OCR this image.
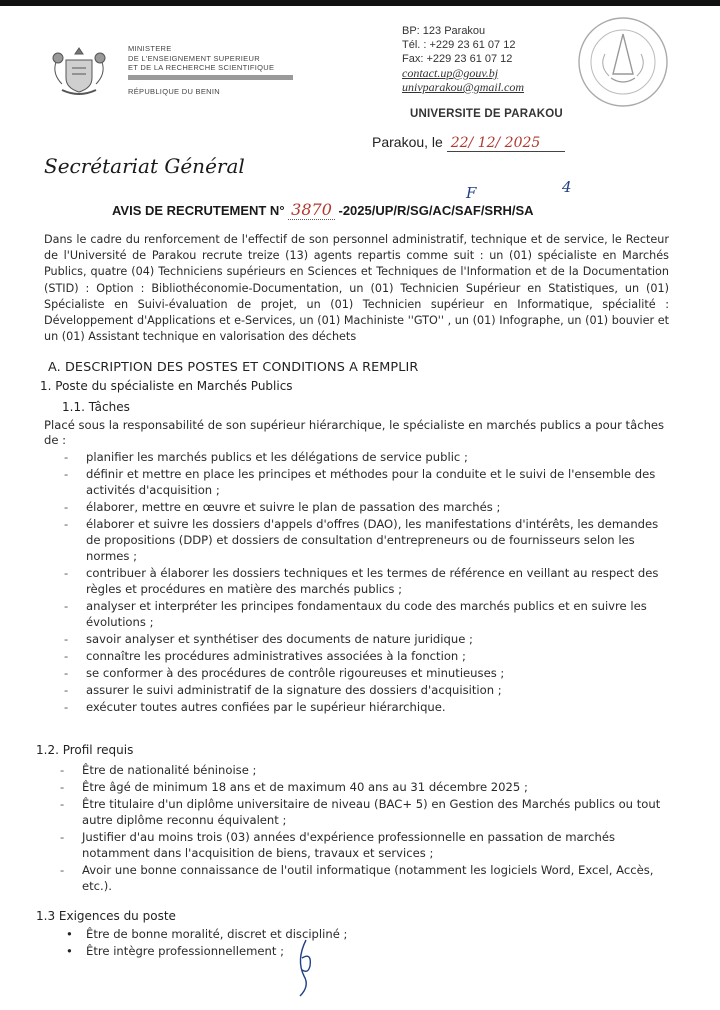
MINISTERE
DE L'ENSEIGNEMENT SUPERIEUR
ET DE LA RECHERCHE SCIENTIFIQUE
RÉPUBLIQUE DU BENIN
BP: 123 Parakou
Tél. : +229 23 61 07 12
Fax: +229 23 61 07 12
contact.up@gouv.bj
univparakou@gmail.com
UNIVERSITE DE PARAKOU
Parakou, le 22/ 12/ 2025
Secrétariat Général
F	4
AVIS DE RECRUTEMENT N° 3870 -2025/UP/R/SG/AC/SAF/SRH/SA
Dans le cadre du renforcement de l'effectif de son personnel administratif, technique et de service, le Recteur de l'Université de Parakou recrute treize (13) agents repartis comme suit : un (01) spécialiste en Marchés Publics, quatre (04) Techniciens supérieurs en Sciences et Techniques de l'Information et de la Documentation (STID) : Option : Bibliothéconomie-Documentation, un (01) Technicien Supérieur en Statistiques, un (01) Spécialiste en Suivi-évaluation de projet, un (01) Technicien supérieur en Informatique, spécialité : Développement d'Applications et e-Services, un (01) Machiniste ''GTO'' , un (01) Infographe, un (01) bouvier et un (01) Assistant technique en valorisation des déchets
A. DESCRIPTION DES POSTES ET CONDITIONS A REMPLIR
1. Poste du spécialiste en Marchés Publics
1.1. Tâches
Placé sous la responsabilité de son supérieur hiérarchique, le spécialiste en marchés publics a pour tâches de :
- planifier les marchés publics et les délégations de service public ;
- définir et mettre en place les principes et méthodes pour la conduite et le suivi de l'ensemble des activités d'acquisition ;
- élaborer, mettre en œuvre et suivre le plan de passation des marchés ;
- élaborer et suivre les dossiers d'appels d'offres (DAO), les manifestations d'intérêts, les demandes de propositions (DDP) et dossiers de consultation d'entrepreneurs ou de fournisseurs selon les normes ;
- contribuer à élaborer les dossiers techniques et les termes de référence en veillant au respect des règles et procédures en matière des marchés publics ;
- analyser et interpréter les principes fondamentaux du code des marchés publics et en suivre les évolutions ;
- savoir analyser et synthétiser des documents de nature juridique ;
- connaître les procédures administratives associées à la fonction ;
- se conformer à des procédures de contrôle rigoureuses et minutieuses ;
- assurer le suivi administratif de la signature des dossiers d'acquisition ;
- exécuter toutes autres confiées par le supérieur hiérarchique.
1.2. Profil requis
- Être de nationalité béninoise ;
- Être âgé de minimum 18 ans et de maximum 40 ans au 31 décembre 2025 ;
- Être titulaire d'un diplôme universitaire de niveau (BAC+ 5) en Gestion des Marchés publics ou tout autre diplôme reconnu équivalent ;
- Justifier d'au moins trois (03) années d'expérience professionnelle en passation de marchés notamment dans l'acquisition de biens, travaux et services ;
- Avoir une bonne connaissance de l'outil informatique (notamment les logiciels Word, Excel, Accès, etc.).
1.3 Exigences du poste
• Être de bonne moralité, discret et discipliné ;
• Être intègre professionnellement ;
